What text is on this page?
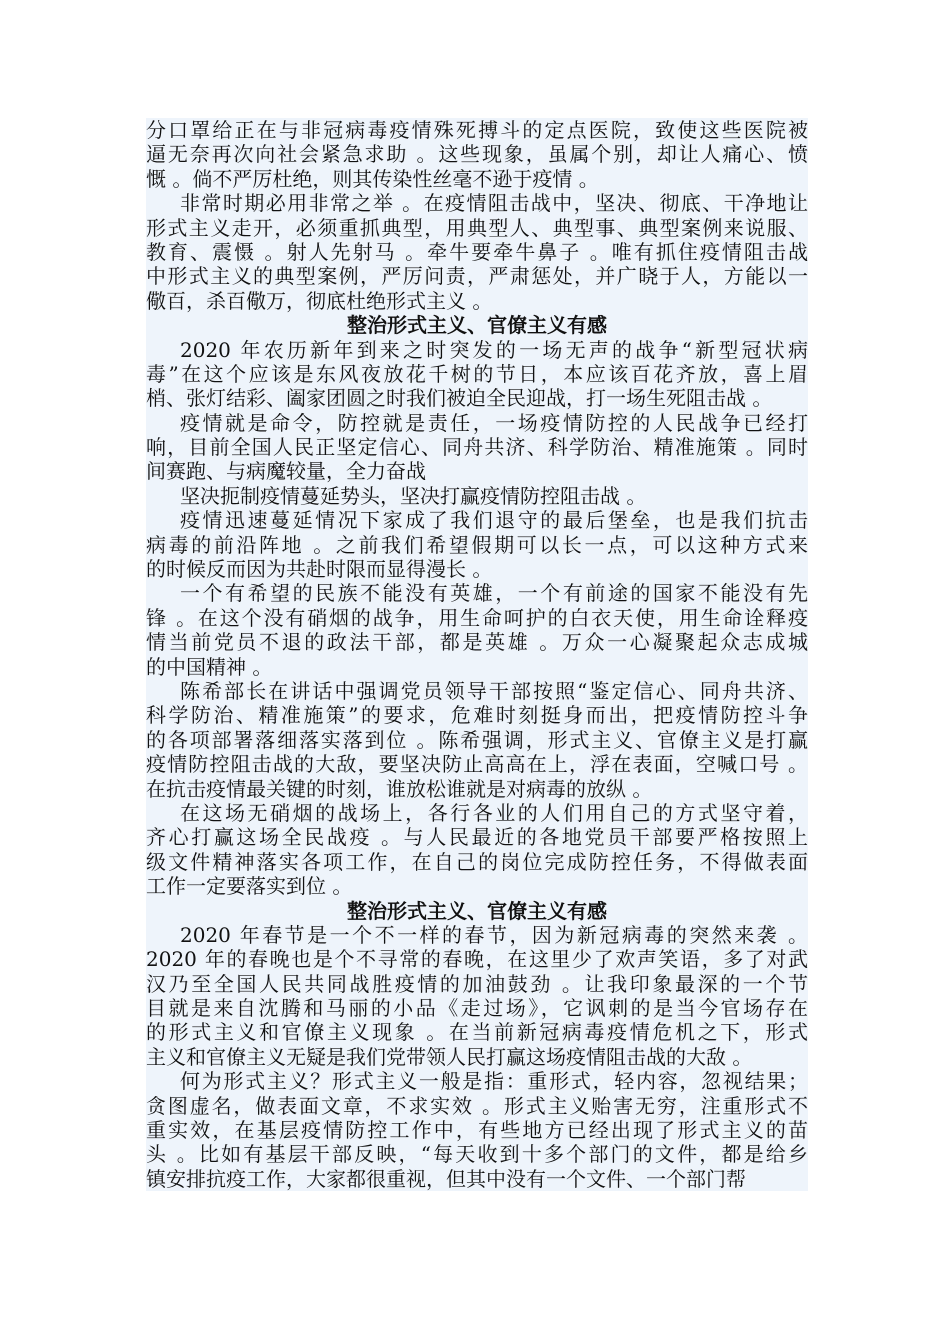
分口罩给正在与非冠病毒疫情殊死搏斗的定点医院，致使这些医院被
逼无奈再次向社会紧急求助 。这些现象，虽属个别，却让人痛心、愤
慨 。倘不严厉杜绝，则其传染性丝毫不逊于疫情 。
非常时期必用非常之举 。在疫情阻击战中，坚决、彻底、干净地让
形式主义走开，必须重抓典型，用典型人、典型事、典型案例来说服、
教育、震慑 。射人先射马 。牵牛要牵牛鼻子 。唯有抓住疫情阻击战
中形式主义的典型案例，严厉问责，严肃惩处，并广晓于人，方能以一
儆百，杀百儆万，彻底杜绝形式主义 。
整治形式主义、官僚主义有感
2020 年农历新年到来之时突发的一场无声的战争“新型冠状病
毒”在这个应该是东风夜放花千树的节日，本应该百花齐放，喜上眉
梢、张灯结彩、阖家团圆之时我们被迫全民迎战，打一场生死阻击战 。
疫情就是命令，防控就是责任，一场疫情防控的人民战争已经打
响，目前全国人民正坚定信心、同舟共济、科学防治、精准施策 。同时
间赛跑、与病魔较量，全力奋战
坚决扼制疫情蔓延势头，坚决打赢疫情防控阻击战 。
疫情迅速蔓延情况下家成了我们退守的最后堡垒，也是我们抗击
病毒的前沿阵地 。之前我们希望假期可以长一点，可以这种方式来
的时候反而因为共赴时限而显得漫长 。
一个有希望的民族不能没有英雄，一个有前途的国家不能没有先
锋 。在这个没有硝烟的战争，用生命呵护的白衣天使，用生命诠释疫
情当前党员不退的政法干部，都是英雄 。万众一心凝聚起众志成城
的中国精神 。
陈希部长在讲话中强调党员领导干部按照“鉴定信心、同舟共济、
科学防治、精准施策”的要求，危难时刻挺身而出，把疫情防控斗争
的各项部署落细落实落到位 。陈希强调，形式主义、官僚主义是打赢
疫情防控阻击战的大敌，要坚决防止高高在上，浮在表面，空喊口号 。
在抗击疫情最关键的时刻，谁放松谁就是对病毒的放纵 。
在这场无硝烟的战场上，各行各业的人们用自己的方式坚守着，
齐心打赢这场全民战疫 。与人民最近的各地党员干部要严格按照上
级文件精神落实各项工作，在自己的岗位完成防控任务，不得做表面
工作一定要落实到位 。
整治形式主义、官僚主义有感
2020 年春节是一个不一样的春节，因为新冠病毒的突然来袭 。
2020 年的春晚也是个不寻常的春晚，在这里少了欢声笑语，多了对武
汉乃至全国人民共同战胜疫情的加油鼓劲 。让我印象最深的一个节
目就是来自沈腾和马丽的小品《走过场》，它讽刺的是当今官场存在
的形式主义和官僚主义现象 。在当前新冠病毒疫情危机之下，形式
主义和官僚主义无疑是我们党带领人民打赢这场疫情阻击战的大敌 。
何为形式主义？形式主义一般是指：重形式，轻内容，忽视结果；
贪图虚名，做表面文章，不求实效 。形式主义贻害无穷，注重形式不
重实效，在基层疫情防控工作中，有些地方已经出现了形式主义的苗
头 。比如有基层干部反映，“每天收到十多个部门的文件，都是给乡
镇安排抗疫工作，大家都很重视，但其中没有一个文件、一个部门帮
